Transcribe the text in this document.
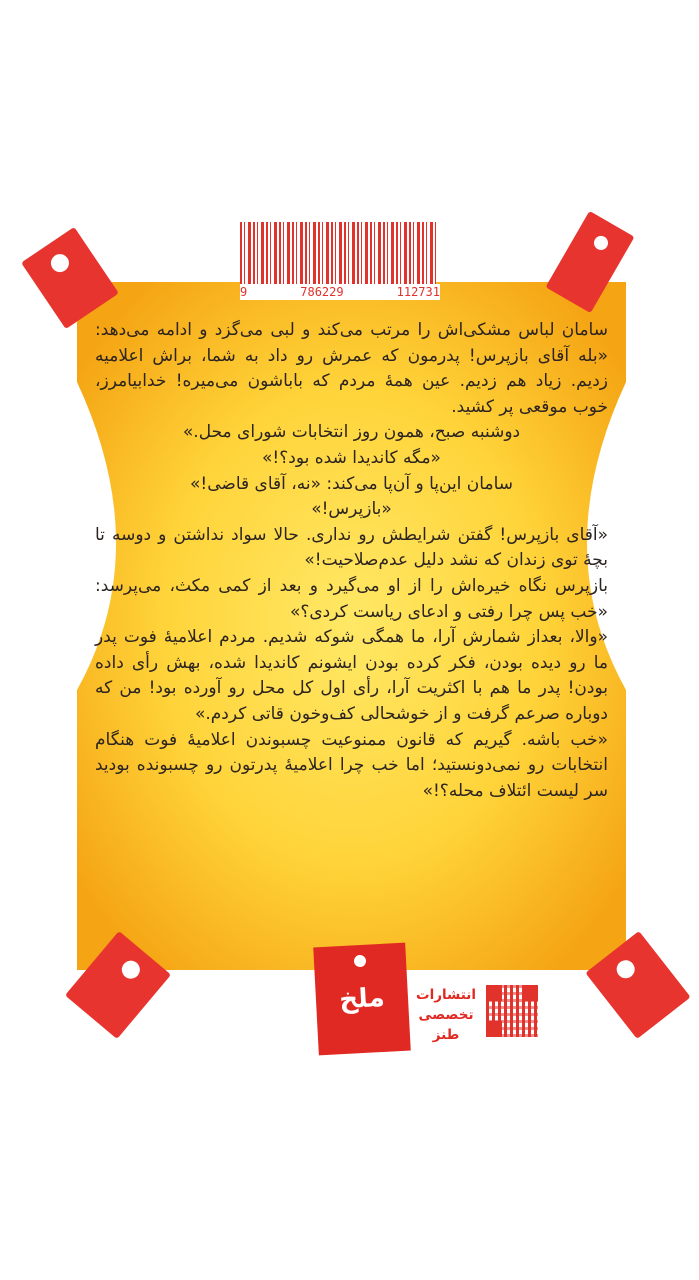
9	786229	112731

سامان لباس مشکی‌اش را مرتب می‌کند و لبی می‌گزد و ادامه می‌دهد: «بله آقای بازپرس! پدرمون که عمرش رو داد به شما، براش اعلامیه زدیم. زیاد هم زدیم. عین همهٔ مردم که باباشون می‌میره! خدابیامرز، خوب موقعی پر کشید.

دوشنبه صبح، همون روز انتخابات شورای محل.»

«مگه کاندیدا شده بود؟!»

سامان این‌پا و آن‌پا می‌کند: «نه، آقای قاضی!»

«بازپرس!»

«آقای بازپرس! گفتن شرایطش رو نداری. حالا سواد نداشتن و دوسه تا بچهٔ توی زندان که نشد دلیل عدم‌صلاحیت!»

بازپرس نگاه خیره‌اش را از او می‌گیرد و بعد از کمی مکث، می‌پرسد: «خب پس چرا رفتی و ادعای ریاست کردی؟»

«والا، بعداز شمارش آرا، ما همگی شوکه شدیم. مردم اعلامیهٔ فوت پدر ما رو دیده بودن، فکر کرده بودن ایشونم کاندیدا شده، بهش رأی داده بودن! پدر ما هم با اکثریت آرا، رأی اول کل محل رو آورده بود! من که دوباره صرعم گرفت و از خوشحالی کف‌وخون قاتی کردم.»

«خب باشه. گیریم که قانون ممنوعیت چسبوندن اعلامیهٔ فوت هنگام انتخابات رو نمی‌دونستید؛ اما خب چرا اعلامیهٔ پدرتون رو چسبونده بودید سر لیست ائتلاف محله؟!»

ملخ	انتشارات
تخصصی
طنز
